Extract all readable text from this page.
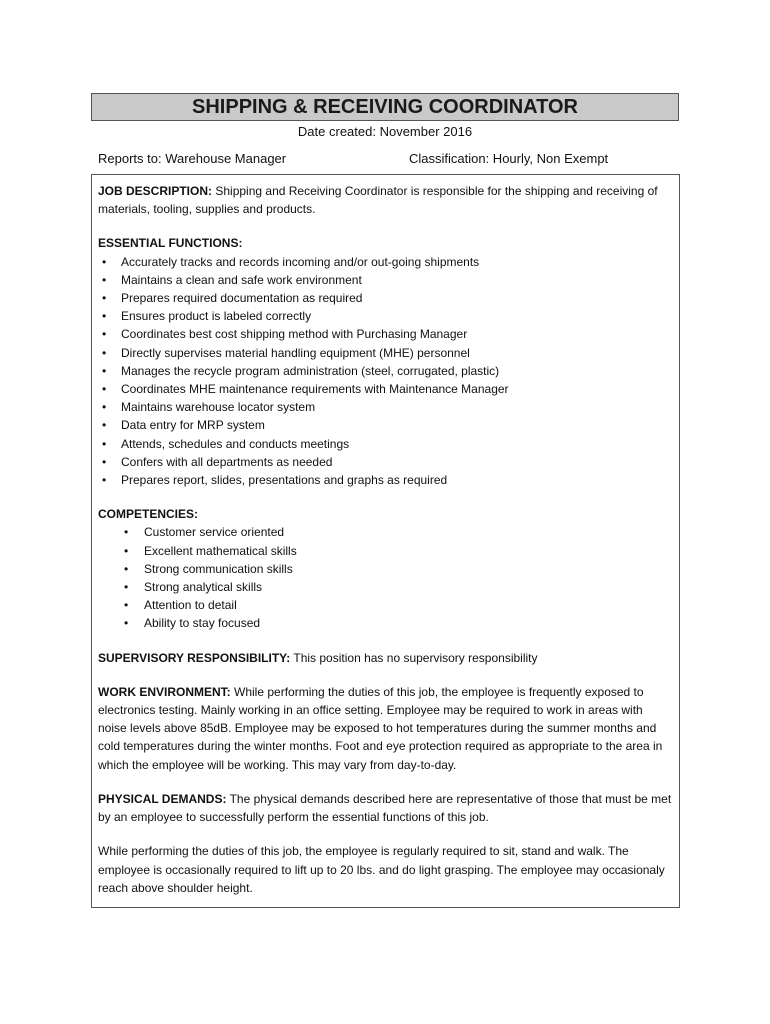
SHIPPING & RECEIVING COORDINATOR
Date created: November 2016
Reports to: Warehouse Manager	Classification: Hourly, Non Exempt

JOB DESCRIPTION: Shipping and Receiving Coordinator is responsible for the shipping and receiving of materials, tooling, supplies and products.

ESSENTIAL FUNCTIONS:
• Accurately tracks and records incoming and/or out-going shipments
• Maintains a clean and safe work environment
• Prepares required documentation as required
• Ensures product is labeled correctly
• Coordinates best cost shipping method with Purchasing Manager
• Directly supervises material handling equipment (MHE) personnel
• Manages the recycle program administration (steel, corrugated, plastic)
• Coordinates MHE maintenance requirements with Maintenance Manager
• Maintains warehouse locator system
• Data entry for MRP system
• Attends, schedules and conducts meetings
• Confers with all departments as needed
• Prepares report, slides, presentations and graphs as required
COMPETENCIES:
• Customer service oriented
• Excellent mathematical skills
• Strong communication skills
• Strong analytical skills
• Attention to detail
• Ability to stay focused

SUPERVISORY RESPONSIBILITY: This position has no supervisory responsibility

WORK ENVIRONMENT: While performing the duties of this job, the employee is frequently exposed to electronics testing. Mainly working in an office setting. Employee may be required to work in areas with noise levels above 85dB. Employee may be exposed to hot temperatures during the summer months and cold temperatures during the winter months. Foot and eye protection required as appropriate to the area in which the employee will be working. This may vary from day-to-day.

PHYSICAL DEMANDS: The physical demands described here are representative of those that must be met by an employee to successfully perform the essential functions of this job.

While performing the duties of this job, the employee is regularly required to sit, stand and walk. The employee is occasionally required to lift up to 20 lbs. and do light grasping. The employee may occasionaly reach above shoulder height.
